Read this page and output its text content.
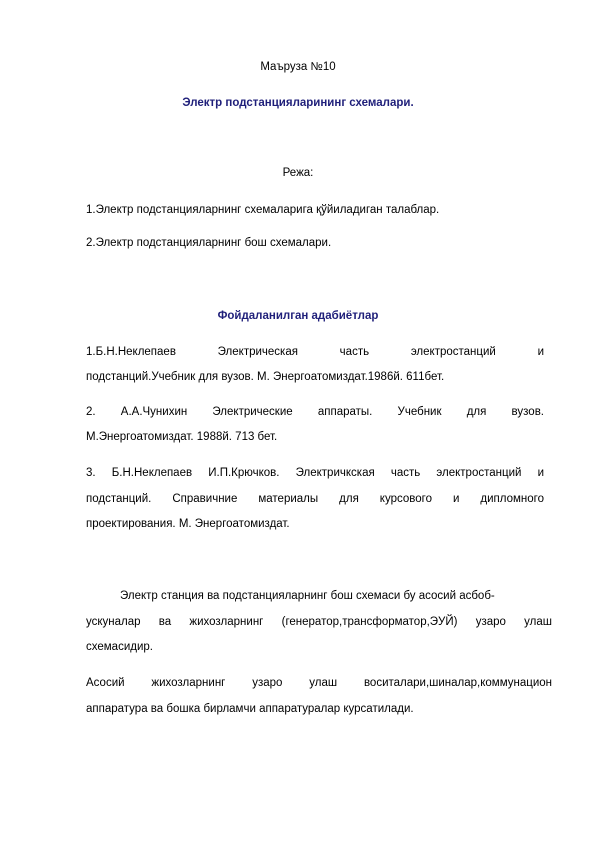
Маъруза №10
Электр подстанцияларининг схемалари.
Режа:
1.Электр подстанцияларнинг схемаларига қўйиладиган талаблар.
2.Электр подстанцияларнинг бош схемалари.
Фойдаланилган адабиётлар
1.Б.Н.Неклепаев Электрическая часть электростанций и
подстанций.Учебник для вузов. М. Энергоатомиздат.1986й. 611бет.
2. А.А.Чунихин Электрические аппараты. Учебник для вузов.
М.Энергоатомиздат. 1988й. 713 бет.
3. Б.Н.Неклепаев И.П.Крючков. Электричкская часть электростанций и
подстанций. Справичние материалы для курсового и дипломного
проектирования. М. Энергоатомиздат.
Электр станция ва подстанцияларнинг бош схемаси бу асосий асбоб-
ускуналар ва жихозларнинг (генератор,трансформатор,ЭУЙ) узаро улаш
схемасидир.
Асосий жихозларнинг узаро улаш воситалари,шиналар,коммунацион
аппаратура ва бошка бирламчи аппаратуралар курсатилади.
